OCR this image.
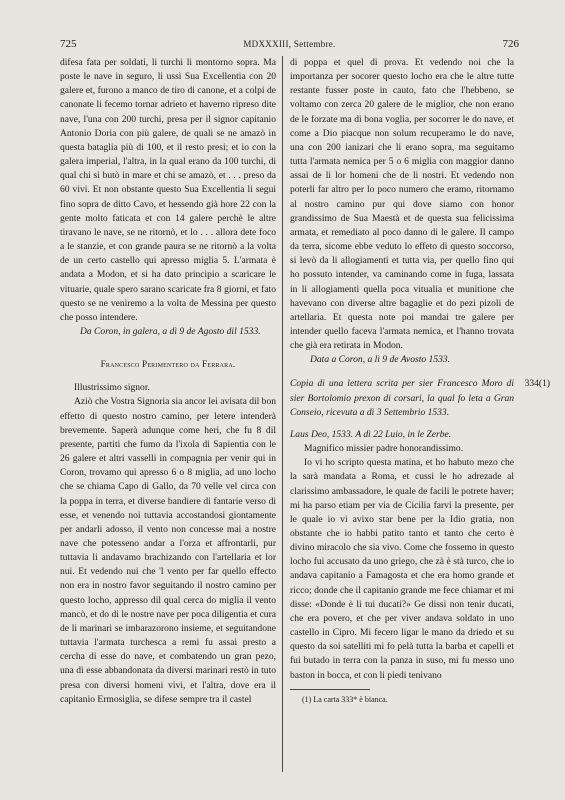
725	MDXXXIII, Settembre.	726

difesa fata per soldati, li turchi li montorno sopra. Ma poste le nave in seguro, li ussì Sua Excellentia con 20 galere et, furono a manco de tiro di canone, et a colpi de canonate li fecemo tornar adrieto et haverno ripreso dite nave, l'una con 200 turchi, presa per il signor capitanio Antonio Doria con più galere, de quali se ne amazò in questa bataglia più di 100, et il resto presi; et io con la galera imperial, l'altra, in la qual erano da 100 turchi, di qual chi si butò in mare et chi se amazò, et . . . preso da 60 vivi. Et non obstante questo Sua Excellentia li segui fino sopra de ditto Cavo, et hessendo già hore 22 con la gente molto faticata et con 14 galere perchè le altre tiravano le nave, se ne ritornò, et lo . . . allora dete foco a le stanzie, et con grande paura se ne ritornò a la volta de un certo castello qui apresso miglia 5. L'armata è andata a Modon, et si ha dato principio a scaricare le vituarie, quale spero sarano scaricate fra 8 giorni, et fato questo se ne veniremo a la volta de Messina per questo che posso intendere.

Da Coron, in galera, a dì 9 de Agosto dil 1533.

Francesco Perimentero da Ferrara.

Illustrissimo signor.

Aziò che Vostra Signoria sia ancor lei avisata dil bon effetto di questo nostro camino, per letere intenderà brevemente. Saperà adunque come heri, che fu 8 dil presente, partiti che fumo da l'ixola di Sapientia con le 26 galere et altri vasselli in compagnia per venir qui in Coron, trovamo qui apresso 6 o 8 miglia, ad uno locho che se chiama Capo di Gallo, da 70 velle vel circa con la poppa in terra, et diverse bandiere di fantarie verso di esse, et venendo noi tuttavia accostandosi giontamente per andarli adosso, il vento non concesse mai a nostre nave che potesseno andar a l'orza et affrontarli, pur tuttavia li andavamo brachizando con l'artellaria et lor nui. Et vedendo nui che 'l vento per far quello effecto non era in nostro favor seguitando il nostro camino per questo locho, appresso dil qual cerca do miglia il vento mancò, et do di le nostre nave per poca diligentia et cura de li marinari se imbarazorono insieme, et seguitandone tuttavia l'armata turchesca a remi fu assai presto a cercha di esse do nave, et combatendo un gran pezo, una di esse abbandonata da diversi marinari restò in tuto presa con diversi homeni vivi, et l'altra, dove era il capitanio Ermosiglia, se difese sempre tra il castel

di poppa et quel di prova. Et vedendo noi che la importanza per socorer questo locho era che le altre tutte restante fusser poste in cauto, fato che l'hebbeno, se voltamo con zerca 20 galere de le miglior, che non erano de le forzate ma di bona voglia, per socorrer le do nave, et come a Dio piacque non solum recuperamo le do nave, una con 200 ianizari che li erano sopra, ma seguitamo tutta l'armata nemica per 5 o 6 miglia con maggior danno assai de li lor homeni che de li nostri. Et vedendo non poterli far altro per lo poco numero che eramo, ritornamo al nostro camino pur qui dove siamo con honor grandissimo de Sua Maestà et de questa sua felicissima armata, et remediato al poco danno di le galere. Il campo da terra, sicome ebbe veduto lo effeto di questo soccorso, si levò da li allogiamenti et tutta via, per quello fino qui ho possuto intender, va caminando come in fuga, lassata in li allogiamenti quella poca vitualia et munitione che havevano con diverse altre bagaglie et do pezi pizoli de artellaria. Et questa note poi mandai tre galere per intender quello faceva l'armata nemica, et l'hanno trovata che già era retirata in Modon.

Data a Coron, a lì 9 de Avosto 1533.

334(1)

Copia di una lettera scrita per sier Francesco Moro di sier Bortolomio prexon di corsari, la qual fo leta a Gran Conseio, ricevuta a dì 3 Settembrio 1533.

Laus Deo, 1533. A dì 22 Luio, in le Zerbe.

Magnifico missier padre honorandissimo.

Io vi ho scripto questa matina, et ho habuto mezo che la sarà mandata a Roma, et cussi le ho adrezade al clarissimo ambassadore, le quale de facili le potrete haver; mi ha parso etiam per via de Cicilia farvi la presente, per le quale io vi avixo star bene per la Idio gratia, non obstante che io habbi patito tanto et tanto che certo è divino miracolo che sia vivo. Come che fossemo in questo locho fui accusato da uno griego, che zà è stà turco, che io andava capitanio a Famagosta et che era homo grande et ricco; donde che il capitanio grande me fece chiamar et mi disse: «Donde è li tui ducati?» Ge dissi non tenir ducati, che era povero, et che per viver andava soldato in uno castello in Cipro. Mi fecero ligar le mano da driedo et su questo da soi satelliti mi fo pelà tutta la barba et capelli et fui butado in terra con la panza in suso, mi fu messo uno baston in bocca, et con li piedi tenivano

(1) La carta 333* è bianca.
